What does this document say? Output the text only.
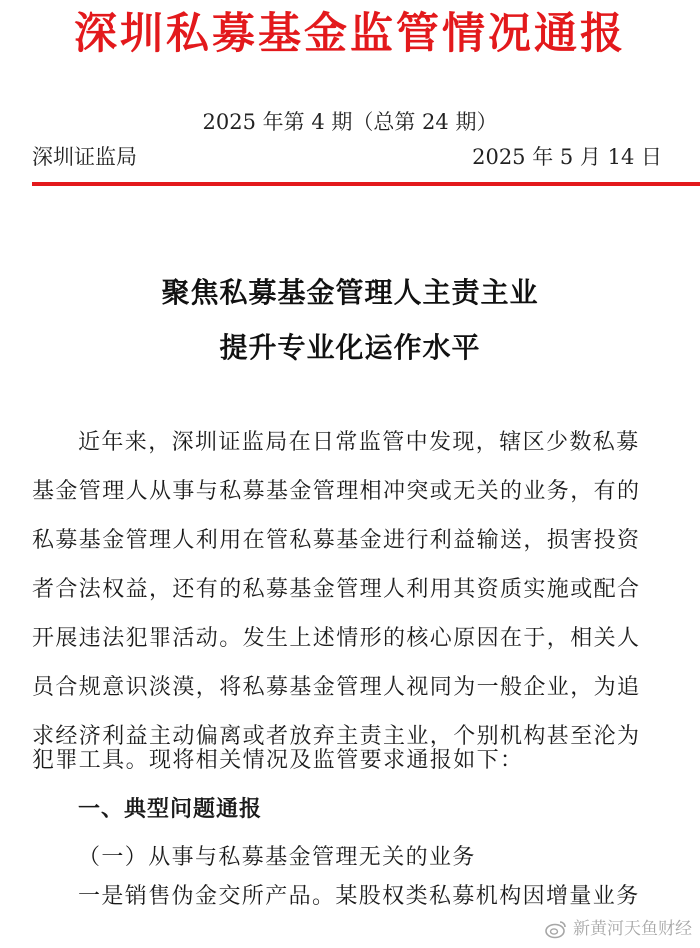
深圳私募基金监管情况通报
2025 年第 4 期（总第 24 期）
深圳证监局	2025 年 5 月 14 日
聚焦私募基金管理人主责主业
提升专业化运作水平
近年来，深圳证监局在日常监管中发现，辖区少数私募
基金管理人从事与私募基金管理相冲突或无关的业务，有的
私募基金管理人利用在管私募基金进行利益输送，损害投资
者合法权益，还有的私募基金管理人利用其资质实施或配合
开展违法犯罪活动。发生上述情形的核心原因在于，相关人
员合规意识淡漠，将私募基金管理人视同为一般企业，为追
求经济利益主动偏离或者放弃主责主业，个别机构甚至沦为
犯罪工具。现将相关情况及监管要求通报如下：
一、典型问题通报
（一）从事与私募基金管理无关的业务
一是销售伪金交所产品。某股权类私募机构因增量业务
新黄河天鱼财经
